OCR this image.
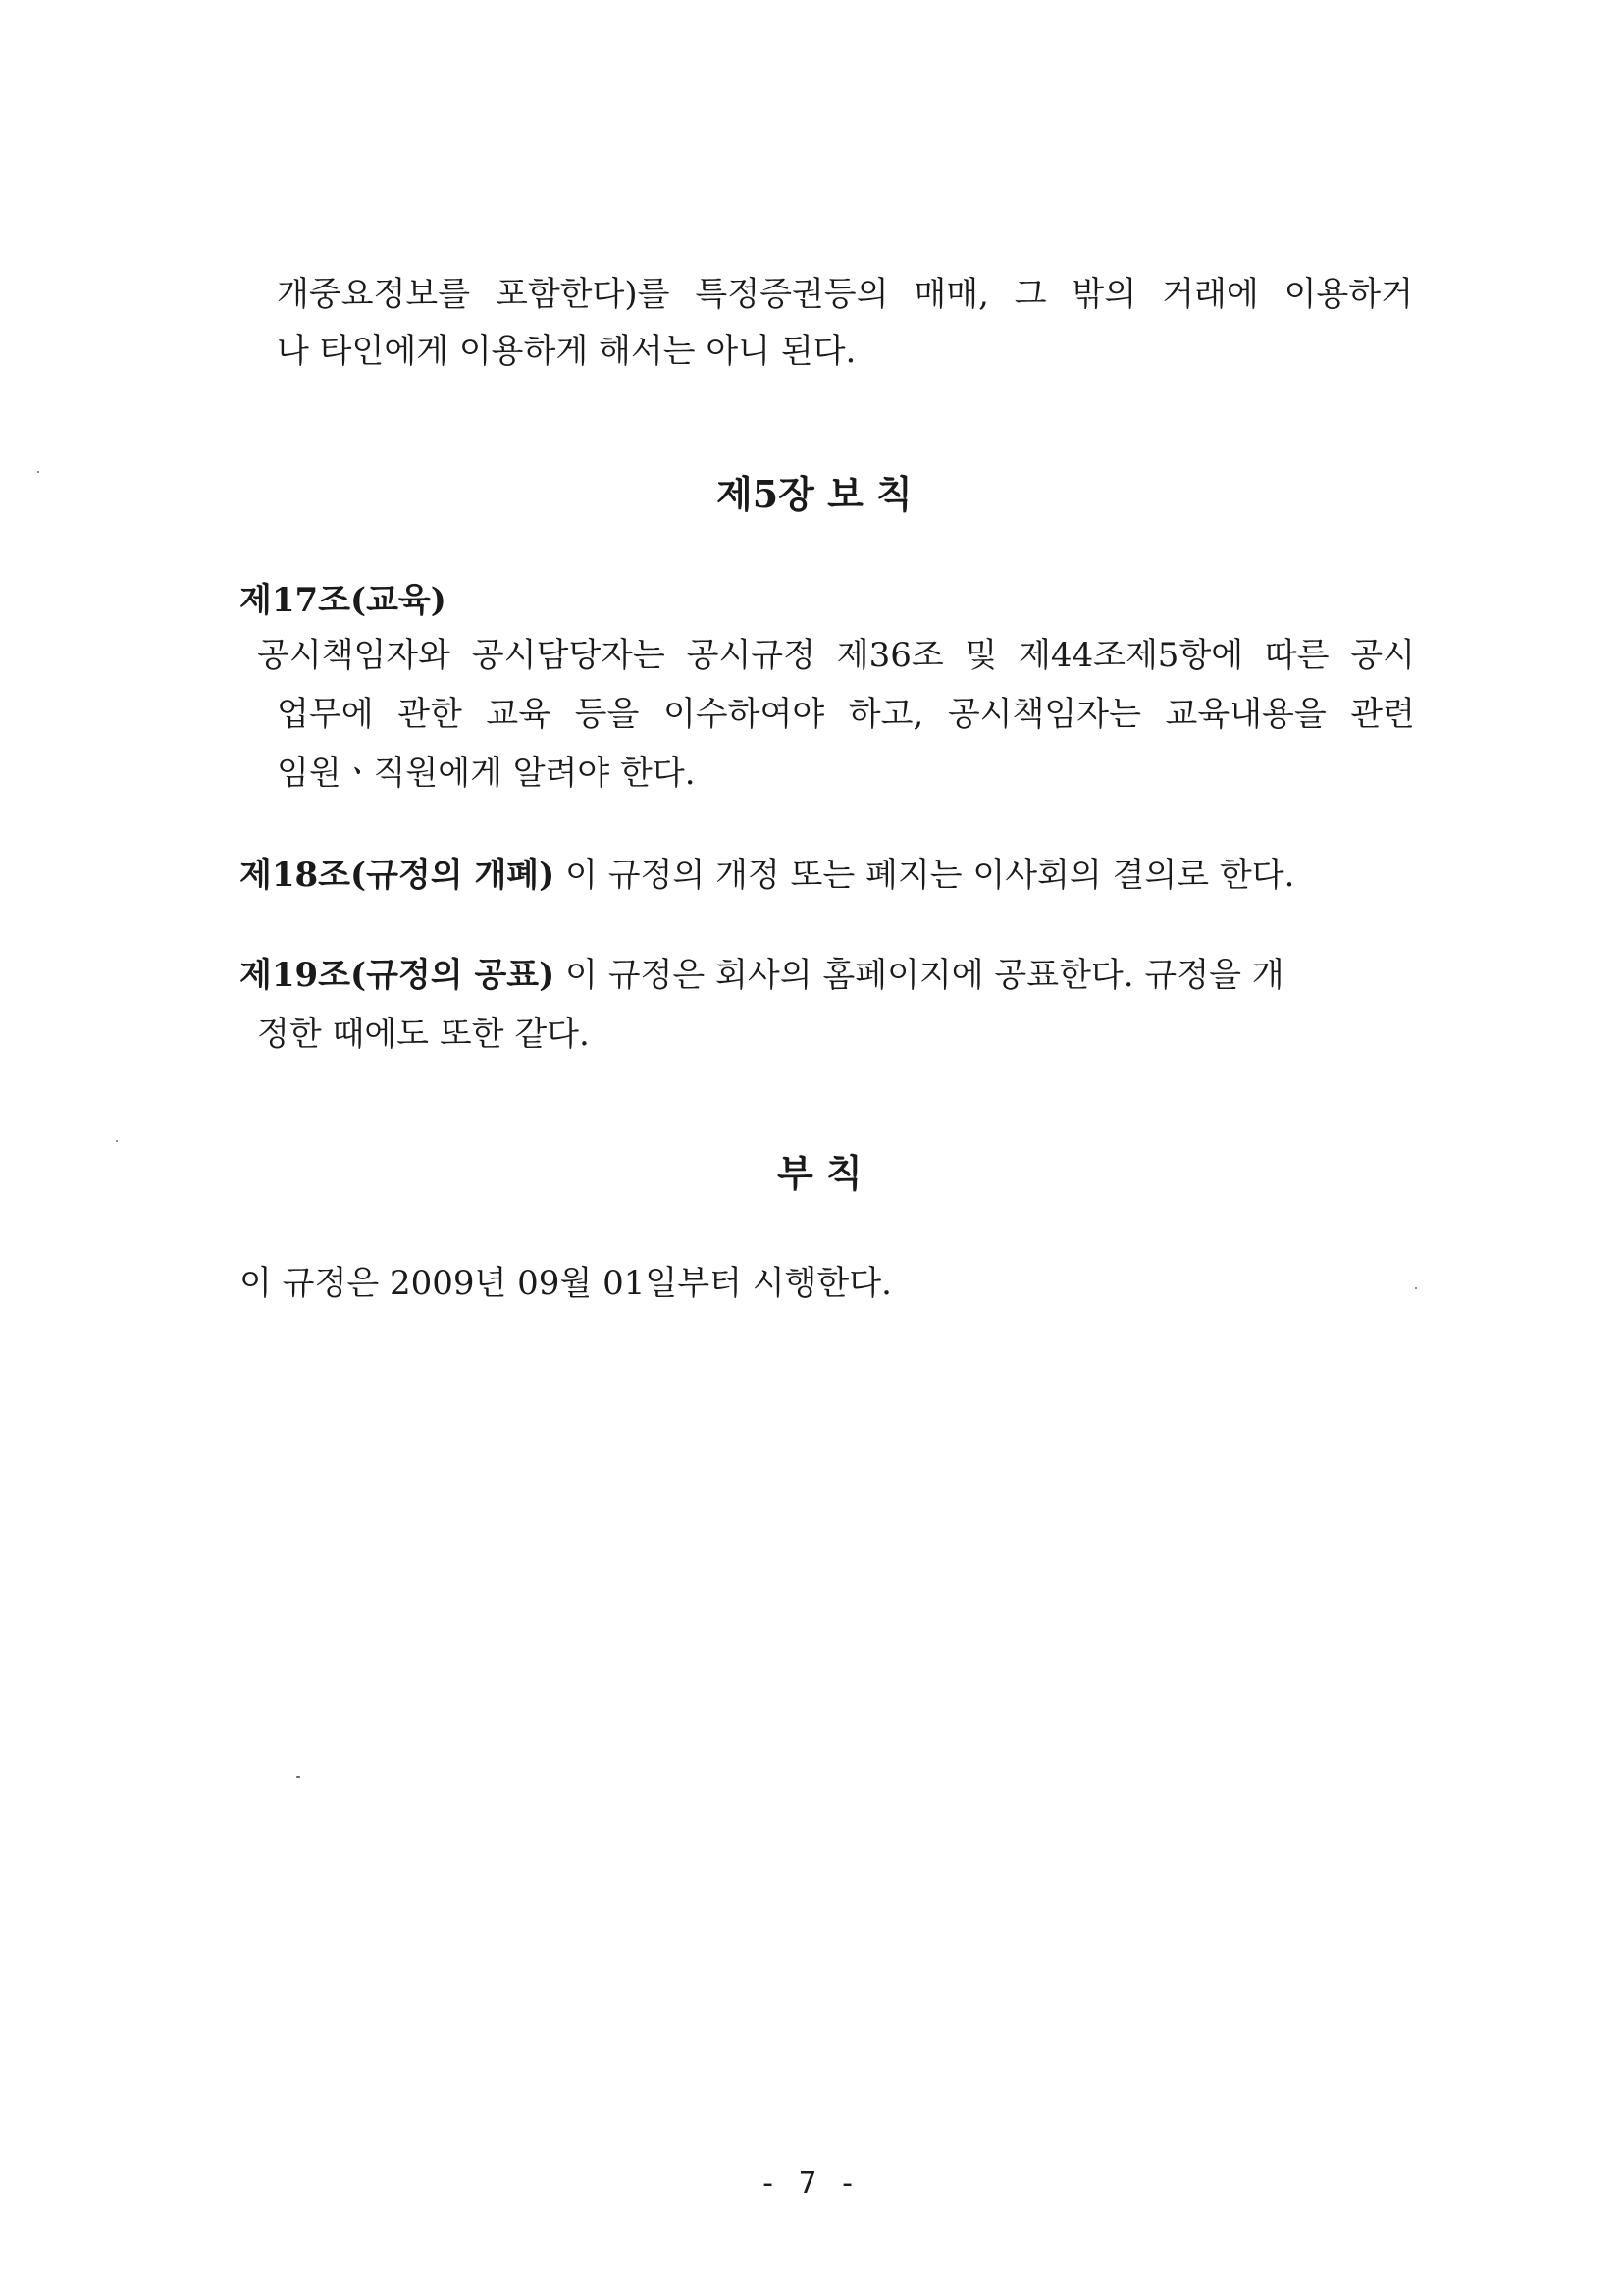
개중요정보를 포함한다)를 특정증권등의 매매, 그 밖의 거래에 이용하거
나 타인에게 이용하게 해서는 아니 된다.
제5장 보 칙
제17조(교육)
공시책임자와 공시담당자는 공시규정 제36조 및 제44조제5항에 따른 공시
업무에 관한 교육 등을 이수하여야 하고, 공시책임자는 교육내용을 관련
임원ㆍ직원에게 알려야 한다.
제18조(규정의 개폐) 이 규정의 개정 또는 폐지는 이사회의 결의로 한다.
제19조(규정의 공표) 이 규정은 회사의 홈페이지에 공표한다. 규정을 개
정한 때에도 또한 같다.
부 칙
이 규정은 2009년 09월 01일부터 시행한다.
- 7 -
